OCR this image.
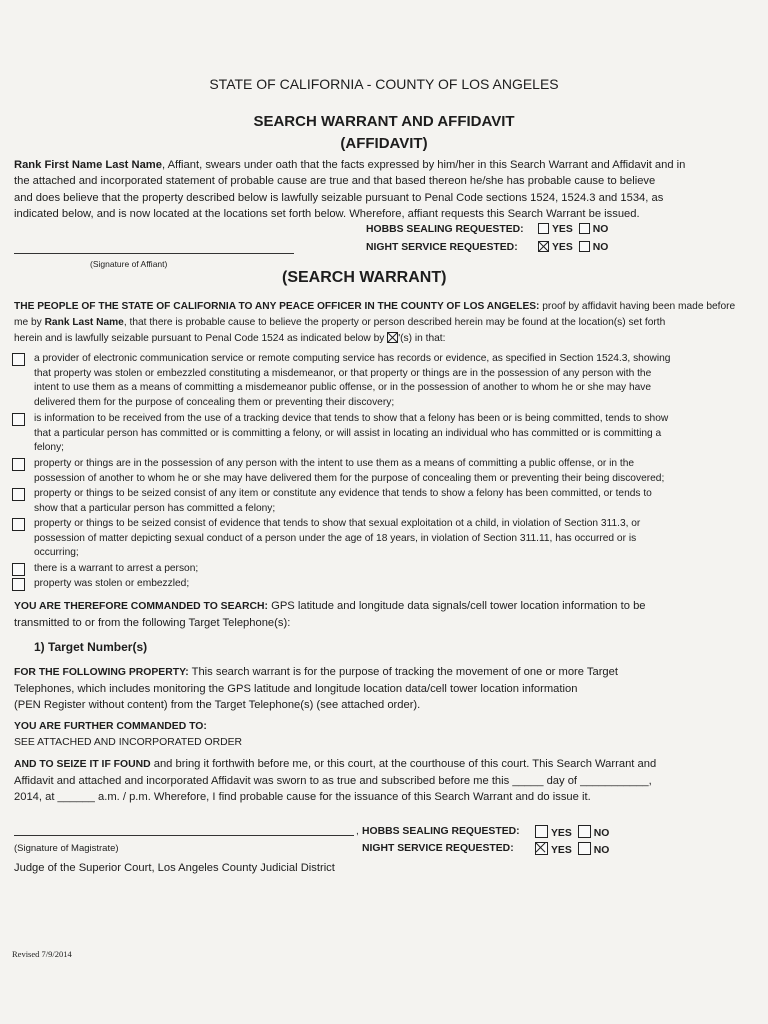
STATE OF CALIFORNIA - COUNTY OF LOS ANGELES
SEARCH WARRANT AND AFFIDAVIT
(AFFIDAVIT)
Rank First Name Last Name, Affiant, swears under oath that the facts expressed by him/her in this Search Warrant and Affidavit and in
the attached and incorporated statement of probable cause are true and that based thereon he/she has probable cause to believe
and does believe that the property described below is lawfully seizable pursuant to Penal Code sections 1524, 1524.3 and 1534, as
indicated below, and is now located at the locations set forth below. Wherefore, affiant requests this Search Warrant be issued.
HOBBS SEALING REQUESTED:	YES NO
NIGHT SERVICE REQUESTED:	YES NO
(Signature of Affiant)
(SEARCH WARRANT)
THE PEOPLE OF THE STATE OF CALIFORNIA TO ANY PEACE OFFICER IN THE COUNTY OF LOS ANGELES: proof by affidavit having been made before
me by Rank Last Name, that there is probable cause to believe the property or person described herein may be found at the location(s) set forth
herein and is lawfully seizable pursuant to Penal Code 1524 as indicated below by '(s) in that:
a provider of electronic communication service or remote computing service has records or evidence, as specified in Section 1524.3, showing
that property was stolen or embezzled constituting a misdemeanor, or that property or things are in the possession of any person with the
intent to use them as a means of committing a misdemeanor public offense, or in the possession of another to whom he or she may have
delivered them for the purpose of concealing them or preventing their discovery;
is information to be received from the use of a tracking device that tends to show that a felony has been or is being committed, tends to show
that a particular person has committed or is committing a felony, or will assist in locating an individual who has committed or is committing a
felony;
property or things are in the possession of any person with the intent to use them as a means of committing a public offense, or in the
possession of another to whom he or she may have delivered them for the purpose of concealing them or preventing their being discovered;
property or things to be seized consist of any item or constitute any evidence that tends to show a felony has been committed, or tends to
show that a particular person has committed a felony;
property or things to be seized consist of evidence that tends to show that sexual exploitation ot a child, in violation of Section 311.3, or
possession of matter depicting sexual conduct of a person under the age of 18 years, in violation of Section 311.11, has occurred or is
occurring;
there is a warrant to arrest a person;
property was stolen or embezzled;
YOU ARE THEREFORE COMMANDED TO SEARCH: GPS latitude and longitude data signals/cell tower location information to be
transmitted to or from the following Target Telephone(s):
1) Target Number(s)
FOR THE FOLLOWING PROPERTY: This search warrant is for the purpose of tracking the movement of one or more Target
Telephones, which includes monitoring the GPS latitude and longitude location data/cell tower location information
(PEN Register without content) from the Target Telephone(s) (see attached order).
YOU ARE FURTHER COMMANDED TO:
SEE ATTACHED AND INCORPORATED ORDER
AND TO SEIZE IT IF FOUND and bring it forthwith before me, or this court, at the courthouse of this court. This Search Warrant and
Affidavit and attached and incorporated Affidavit was sworn to as true and subscribed before me this _____ day of ___________,
2014, at ______ a.m. / p.m. Wherefore, I find probable cause for the issuance of this Search Warrant and do issue it.
, HOBBS SEALING REQUESTED:	YES NO
(Signature of Magistrate)	NIGHT SERVICE REQUESTED:	YES NO
Judge of the Superior Court, Los Angeles County Judicial District
Revised 7/9/2014
